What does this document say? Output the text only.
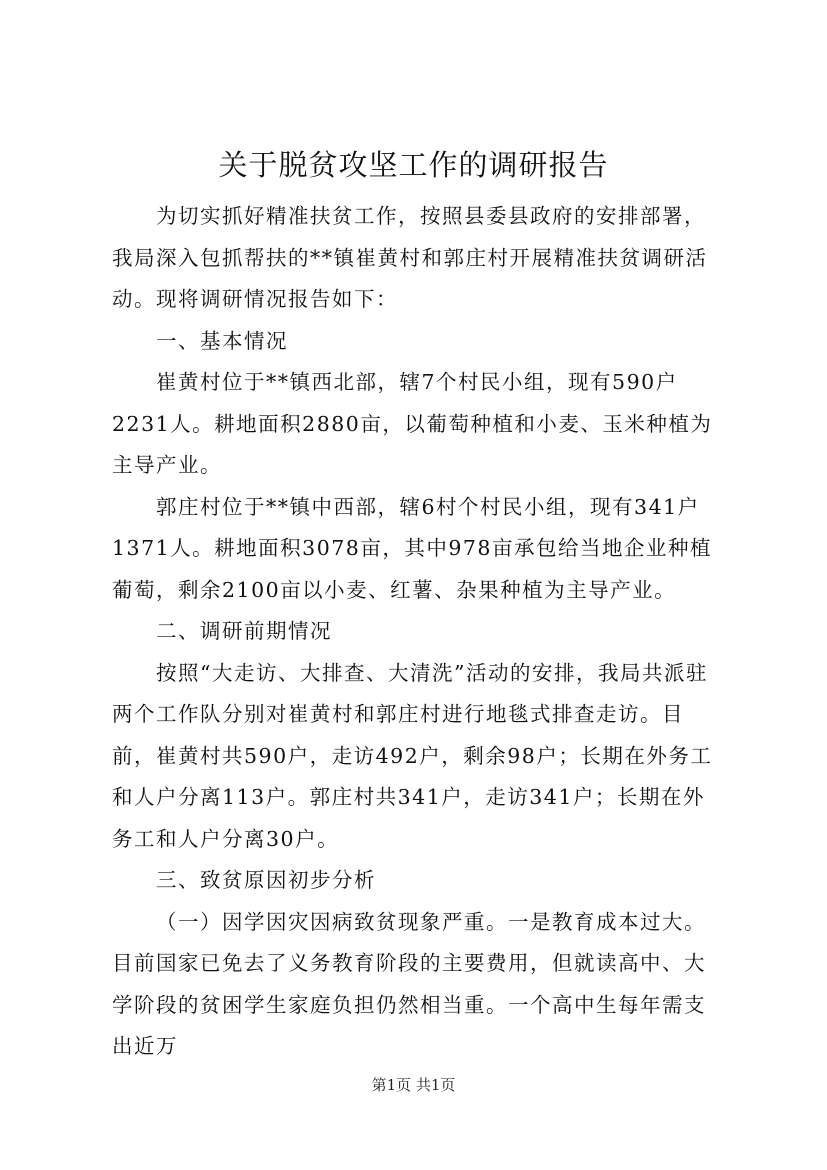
关于脱贫攻坚工作的调研报告

为切实抓好精准扶贫工作，按照县委县政府的安排部署，我局深入包抓帮扶的**镇崔黄村和郭庄村开展精准扶贫调研活动。现将调研情况报告如下：

一、基本情况

崔黄村位于**镇西北部，辖7个村民小组，现有590户2231人。耕地面积2880亩，以葡萄种植和小麦、玉米种植为主导产业。

郭庄村位于**镇中西部，辖6村个村民小组，现有341户1371人。耕地面积3078亩，其中978亩承包给当地企业种植葡萄，剩余2100亩以小麦、红薯、杂果种植为主导产业。

二、调研前期情况

按照“大走访、大排查、大清洗”活动的安排，我局共派驻两个工作队分别对崔黄村和郭庄村进行地毯式排查走访。目前，崔黄村共590户，走访492户，剩余98户；长期在外务工和人户分离113户。郭庄村共341户，走访341户；长期在外务工和人户分离30户。

三、致贫原因初步分析

（一）因学因灾因病致贫现象严重。一是教育成本过大。目前国家已免去了义务教育阶段的主要费用，但就读高中、大学阶段的贫困学生家庭负担仍然相当重。一个高中生每年需支出近万

第1页 共1页
